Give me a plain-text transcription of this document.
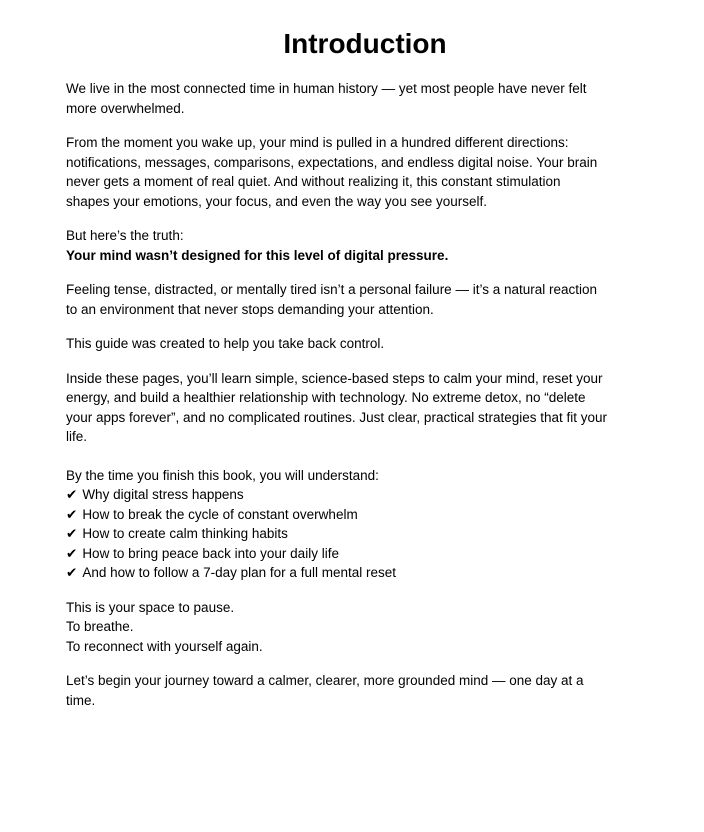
Introduction

We live in the most connected time in human history — yet most people have never felt
more overwhelmed.

From the moment you wake up, your mind is pulled in a hundred different directions:
notifications, messages, comparisons, expectations, and endless digital noise. Your brain
never gets a moment of real quiet. And without realizing it, this constant stimulation
shapes your emotions, your focus, and even the way you see yourself.

But here’s the truth:
Your mind wasn’t designed for this level of digital pressure.

Feeling tense, distracted, or mentally tired isn’t a personal failure — it’s a natural reaction
to an environment that never stops demanding your attention.

This guide was created to help you take back control.

Inside these pages, you’ll learn simple, science-based steps to calm your mind, reset your
energy, and build a healthier relationship with technology. No extreme detox, no “delete
your apps forever”, and no complicated routines. Just clear, practical strategies that fit your
life.

By the time you finish this book, you will understand:
✔ Why digital stress happens
✔ How to break the cycle of constant overwhelm
✔ How to create calm thinking habits
✔ How to bring peace back into your daily life
✔ And how to follow a 7-day plan for a full mental reset

This is your space to pause.
To breathe.
To reconnect with yourself again.

Let’s begin your journey toward a calmer, clearer, more grounded mind — one day at a
time.
